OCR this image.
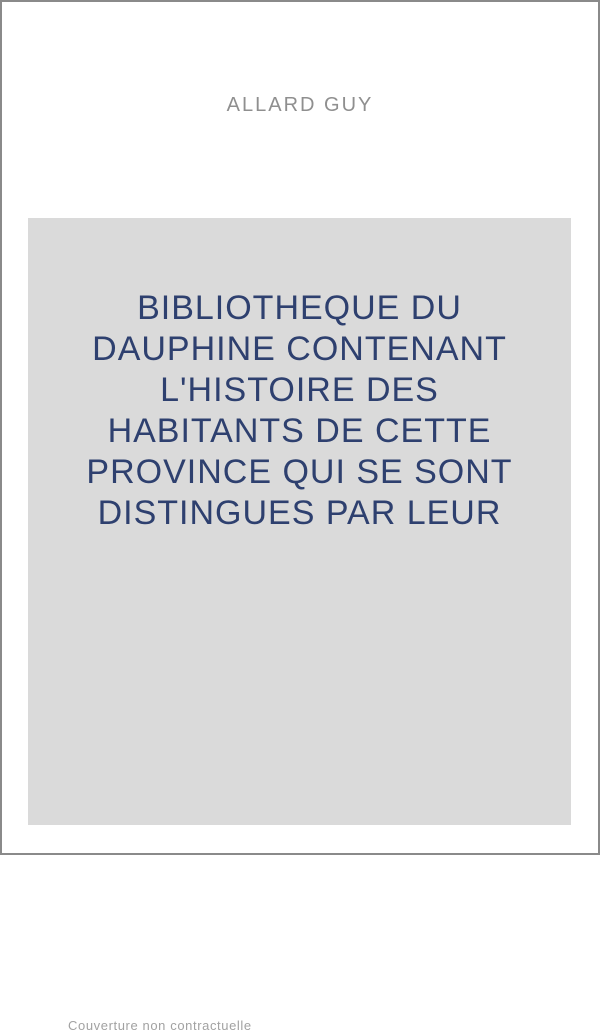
ALLARD GUY
BIBLIOTHEQUE DU
DAUPHINE CONTENANT
L'HISTOIRE DES
HABITANTS DE CETTE
PROVINCE QUI SE SONT
DISTINGUES PAR LEUR
Couverture non contractuelle
